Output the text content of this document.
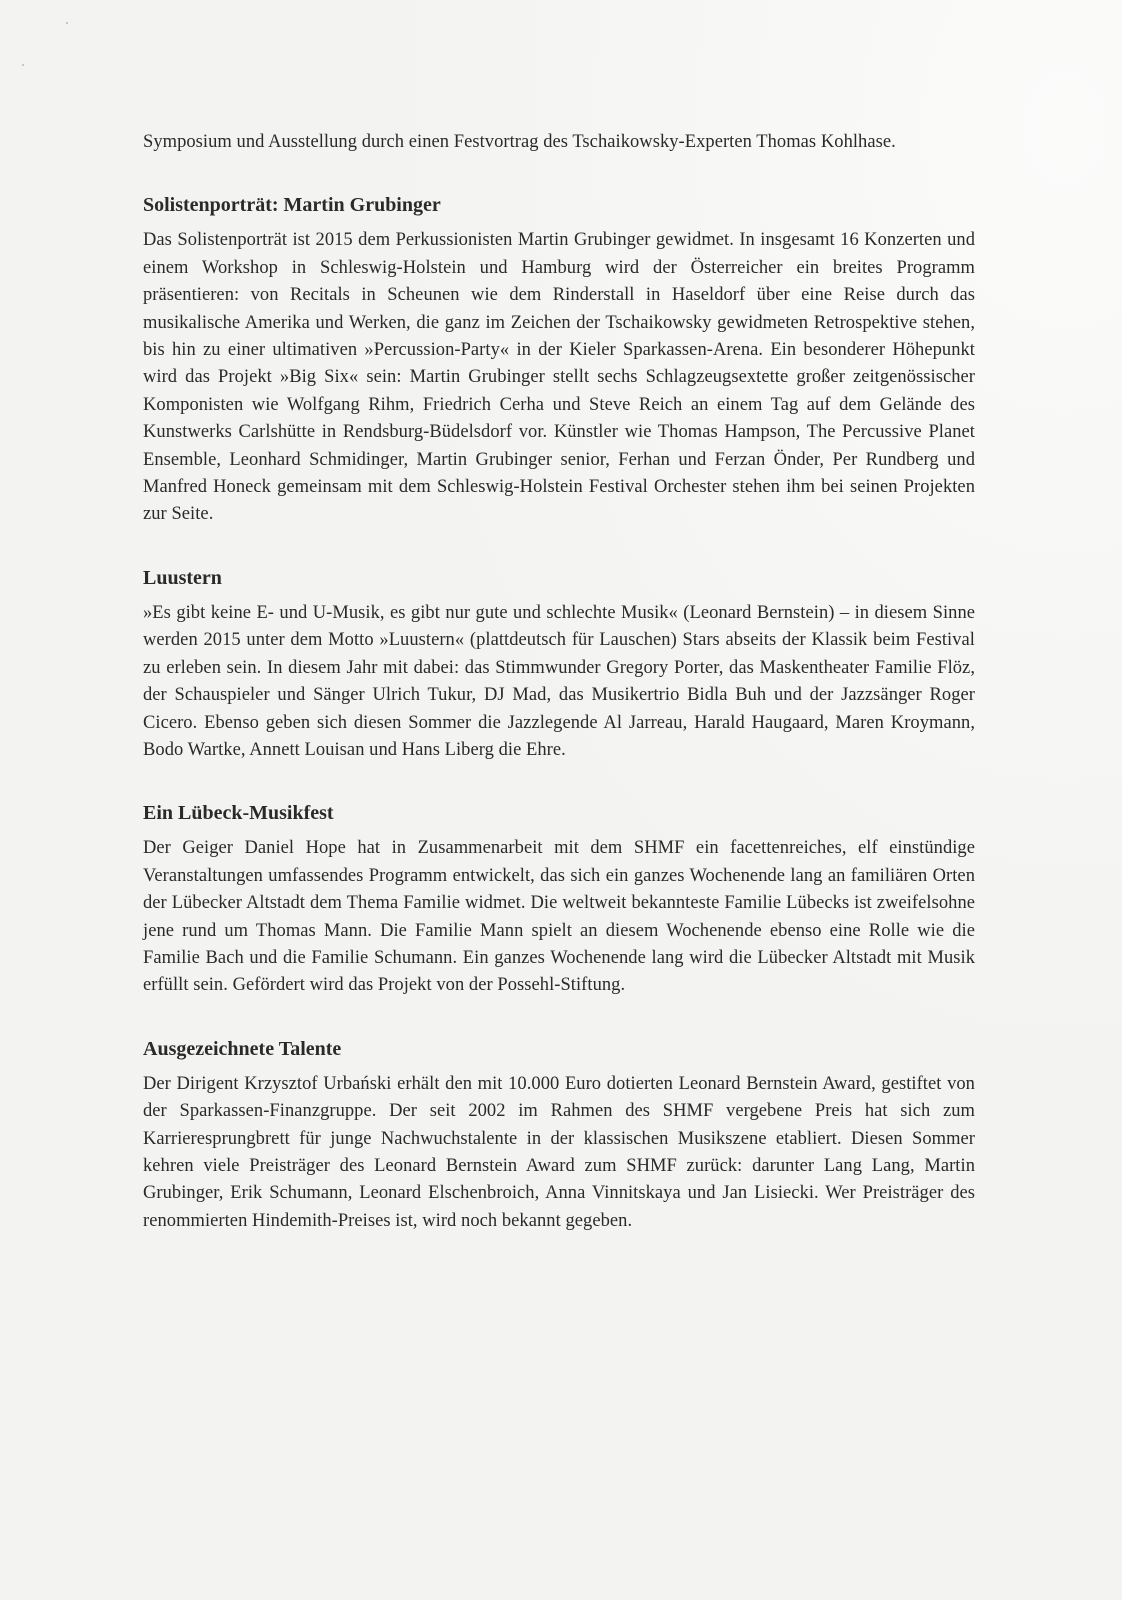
Symposium und Ausstellung durch einen Festvortrag des Tschaikowsky-Experten Thomas Kohlhase.

Solistenporträt: Martin Grubinger

Das Solistenporträt ist 2015 dem Perkussionisten Martin Grubinger gewidmet. In insgesamt 16 Konzerten und einem Workshop in Schleswig-Holstein und Hamburg wird der Österreicher ein breites Programm präsentieren: von Recitals in Scheunen wie dem Rinderstall in Haseldorf über eine Reise durch das musikalische Amerika und Werken, die ganz im Zeichen der Tschaikowsky gewidmeten Retrospektive stehen, bis hin zu einer ultimativen »Percussion-Party« in der Kieler Sparkassen-Arena. Ein besonderer Höhepunkt wird das Projekt »Big Six« sein: Martin Grubinger stellt sechs Schlagzeugsextette großer zeitgenössischer Komponisten wie Wolfgang Rihm, Friedrich Cerha und Steve Reich an einem Tag auf dem Gelände des Kunstwerks Carlshütte in Rendsburg-Büdelsdorf vor. Künstler wie Thomas Hampson, The Percussive Planet Ensemble, Leonhard Schmidinger, Martin Grubinger senior, Ferhan und Ferzan Önder, Per Rundberg und Manfred Honeck gemeinsam mit dem Schleswig-Holstein Festival Orchester stehen ihm bei seinen Projekten zur Seite.

Luustern

»Es gibt keine E- und U-Musik, es gibt nur gute und schlechte Musik« (Leonard Bernstein) – in diesem Sinne werden 2015 unter dem Motto »Luustern« (plattdeutsch für Lauschen) Stars abseits der Klassik beim Festival zu erleben sein. In diesem Jahr mit dabei: das Stimmwunder Gregory Porter, das Maskentheater Familie Flöz, der Schauspieler und Sänger Ulrich Tukur, DJ Mad, das Musikertrio Bidla Buh und der Jazzsänger Roger Cicero. Ebenso geben sich diesen Sommer die Jazzlegende Al Jarreau, Harald Haugaard, Maren Kroymann, Bodo Wartke, Annett Louisan und Hans Liberg die Ehre.

Ein Lübeck-Musikfest

Der Geiger Daniel Hope hat in Zusammenarbeit mit dem SHMF ein facettenreiches, elf einstündige Veranstaltungen umfassendes Programm entwickelt, das sich ein ganzes Wochenende lang an familiären Orten der Lübecker Altstadt dem Thema Familie widmet. Die weltweit bekannteste Familie Lübecks ist zweifelsohne jene rund um Thomas Mann. Die Familie Mann spielt an diesem Wochenende ebenso eine Rolle wie die Familie Bach und die Familie Schumann. Ein ganzes Wochenende lang wird die Lübecker Altstadt mit Musik erfüllt sein. Gefördert wird das Projekt von der Possehl-Stiftung.

Ausgezeichnete Talente

Der Dirigent Krzysztof Urbański erhält den mit 10.000 Euro dotierten Leonard Bernstein Award, gestiftet von der Sparkassen-Finanzgruppe. Der seit 2002 im Rahmen des SHMF vergebene Preis hat sich zum Karrieresprungbrett für junge Nachwuchstalente in der klassischen Musikszene etabliert. Diesen Sommer kehren viele Preisträger des Leonard Bernstein Award zum SHMF zurück: darunter Lang Lang, Martin Grubinger, Erik Schumann, Leonard Elschenbroich, Anna Vinnitskaya und Jan Lisiecki. Wer Preisträger des renommierten Hindemith-Preises ist, wird noch bekannt gegeben.
